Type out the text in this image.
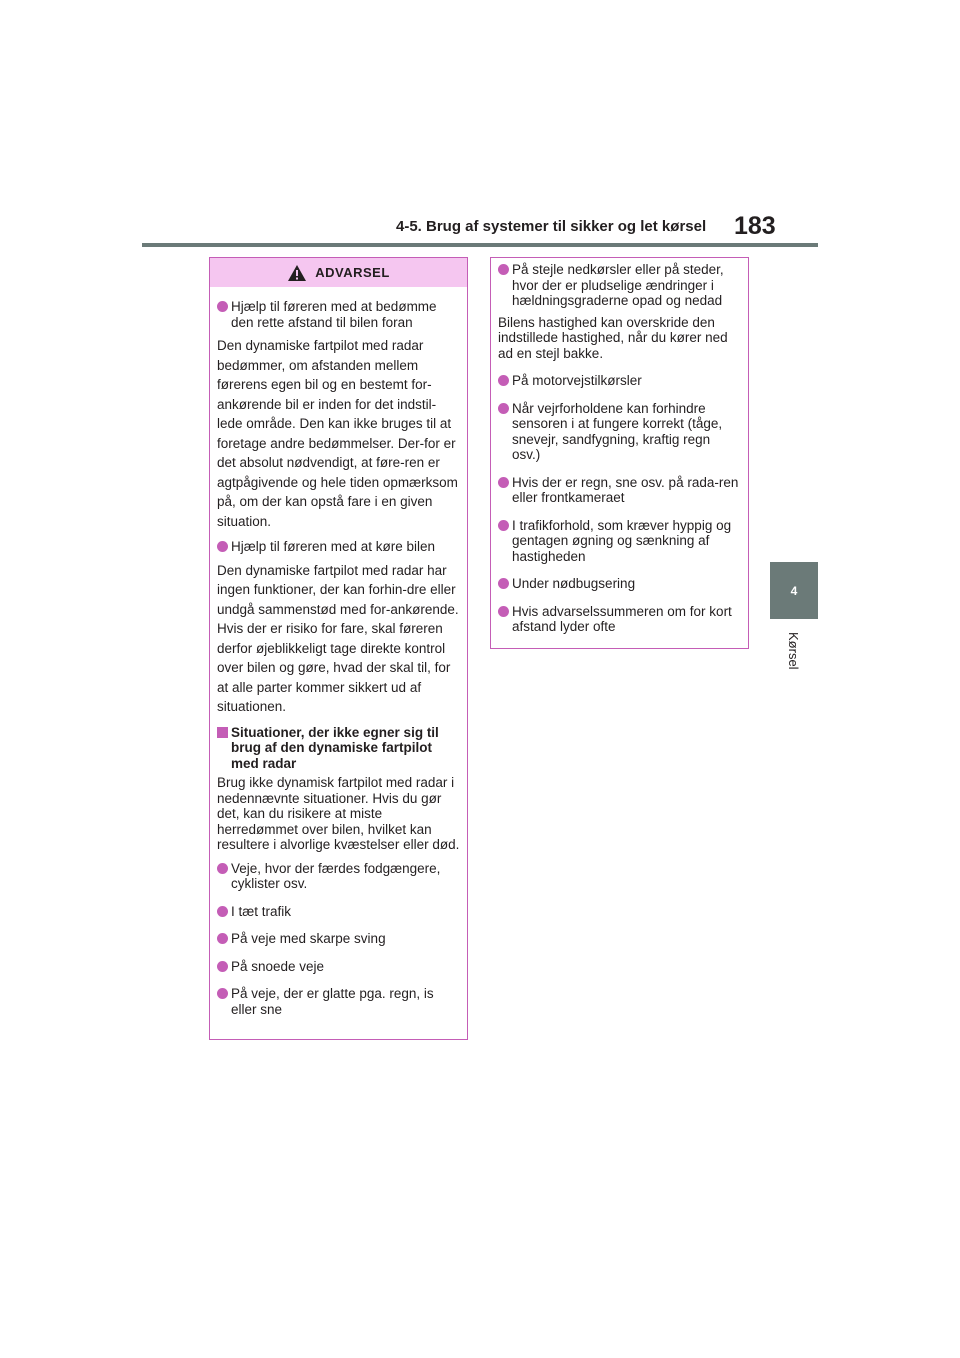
4-5. Brug af systemer til sikker og let kørsel 183
4
Kørsel
ADVARSEL
Hjælp til føreren med at bedømme den rette afstand til bilen foran
Den dynamiske fartpilot med radar bedømmer, om afstanden mellem førerens egen bil og en bestemt for-ankørende bil er inden for det indstil-lede område. Den kan ikke bruges til at foretage andre bedømmelser. Der-for er det absolut nødvendigt, at føre-ren er agtpågivende og hele tiden opmærksom på, om der kan opstå fare i en given situation.
Hjælp til føreren med at køre bilen
Den dynamiske fartpilot med radar har ingen funktioner, der kan forhin-dre eller undgå sammenstød med for-ankørende. Hvis der er risiko for fare, skal føreren derfor øjeblikkeligt tage direkte kontrol over bilen og gøre, hvad der skal til, for at alle parter kommer sikkert ud af situationen.
Situationer, der ikke egner sig til brug af den dynamiske fartpilot med radar
Brug ikke dynamisk fartpilot med radar i nedennævnte situationer. Hvis du gør det, kan du risikere at miste herredømmet over bilen, hvilket kan resultere i alvorlige kvæstelser eller død.
Veje, hvor der færdes fodgængere, cyklister osv.
I tæt trafik
På veje med skarpe sving
På snoede veje
På veje, der er glatte pga. regn, is eller sne
På stejle nedkørsler eller på steder, hvor der er pludselige ændringer i hældningsgraderne opad og nedad
Bilens hastighed kan overskride den indstillede hastighed, når du kører ned ad en stejl bakke.
På motorvejstilkørsler
Når vejrforholdene kan forhindre sensoren i at fungere korrekt (tåge, snevejr, sandfygning, kraftig regn osv.)
Hvis der er regn, sne osv. på rada-ren eller frontkameraet
I trafikforhold, som kræver hyppig og gentagen øgning og sænkning af hastigheden
Under nødbugsering
Hvis advarselssummeren om for kort afstand lyder ofte
